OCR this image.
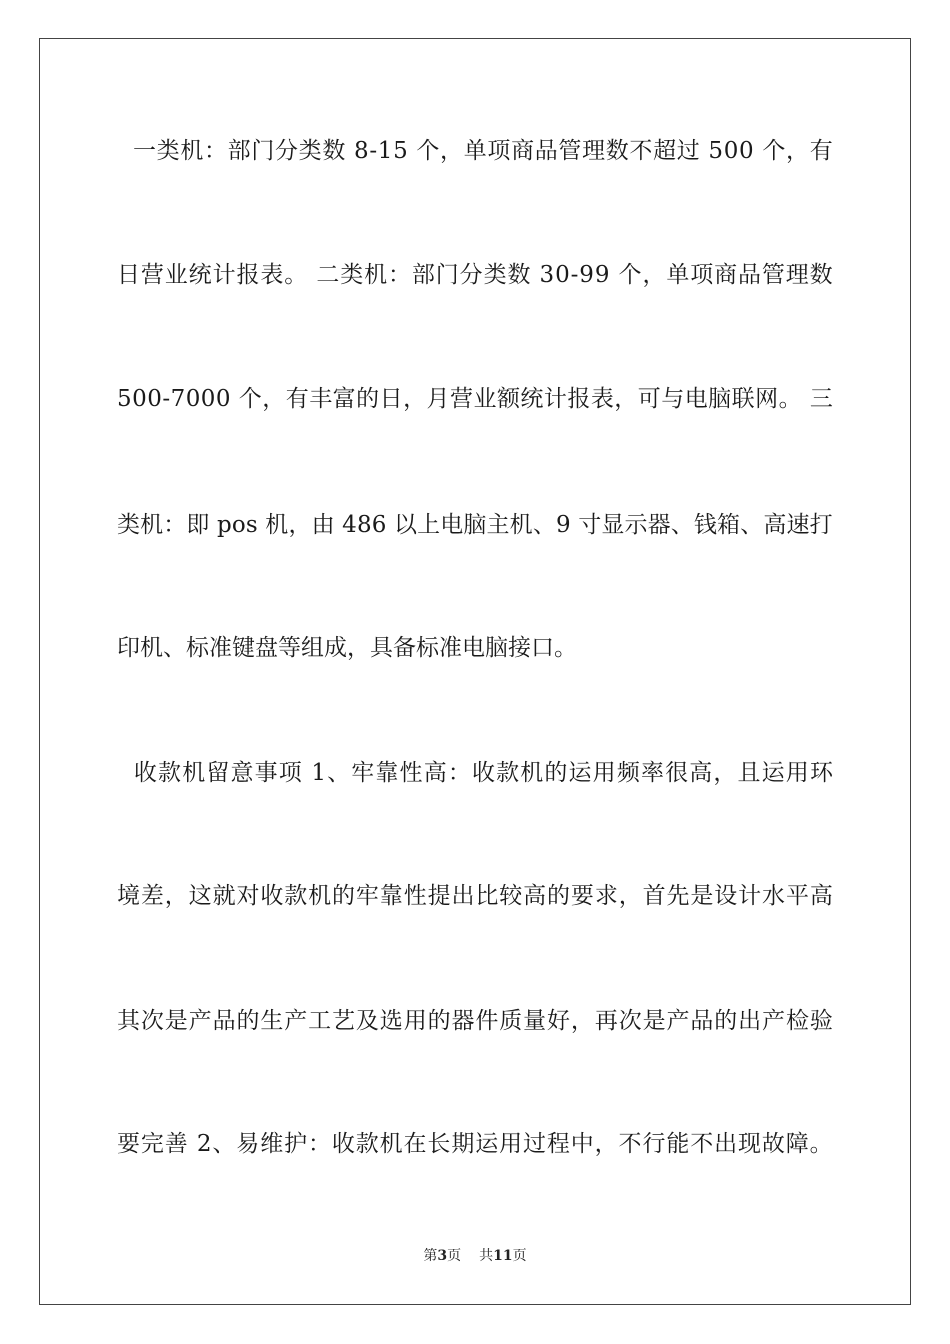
一 类 机 ： 部 门 分 类 数
8 - 1 5
个 ， 单 项 商 品 管 理 数 不 超 过
5 0 0
个 ， 有
日 营 业 统 计 报 表 。
二 类 机 ： 部 门 分 类 数
3 0 - 9 9
个 ， 单 项 商 品 管 理 数
5 0 0 - 7 0 0 0
个 ， 有 丰 富 的 日 ， 月 营 业 额 统 计 报 表 ， 可 与 电 脑 联 网 。
三
类 机 ： 即
p o s
机 ， 由
4 8 6
以 上 电 脑 主 机 、 9
寸 显 示 器 、 钱 箱 、 高 速 打
印 机 、 标 准 键 盘 等 组 成 ， 具 备 标 准 电 脑 接 口 。

收 款 机 留 意 事 项
1 、 牢 靠 性 高 ： 收 款 机 的 运 用 频 率 很 高 ， 且 运 用 环
境 差 ， 这 就 对 收 款 机 的 牢 靠 性 提 出 比 较 高 的 要 求 ， 首 先 是 设 计 水 平 高
其 次 是 产 品 的 生 产 工 艺 及 选 用 的 器 件 质 量 好 ， 再 次 是 产 品 的 出 产 检 验
要 完 善
2 、 易 维 护 ： 收 款 机 在 长 期 运 用 过 程 中 ， 不 行 能 不 出 现 故 障 。
第3页 共11页
